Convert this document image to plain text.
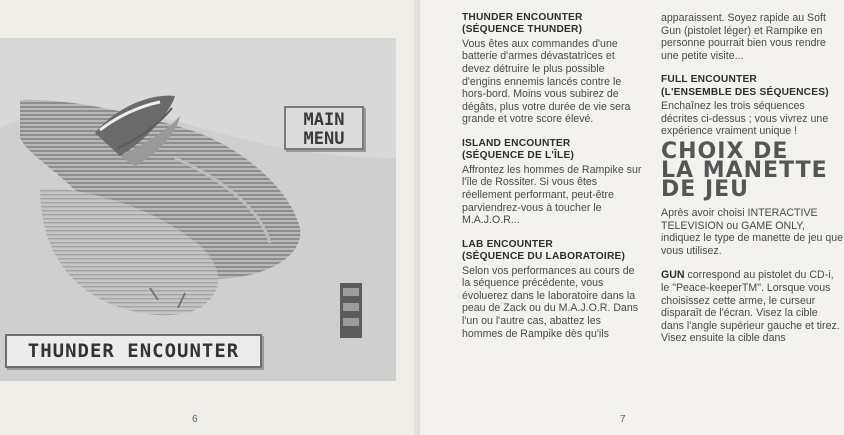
MAIN
MENU
THUNDER ENCOUNTER
6
THUNDER ENCOUNTER
(SÉQUENCE THUNDER)
Vous êtes aux commandes d'une batterie d'armes dévastatrices et devez détruire le plus possible d'engins ennemis lancés contre le hors-bord. Moins vous subirez de dégâts, plus votre durée de vie sera grande et votre score élevé.
ISLAND ENCOUNTER
(SÉQUENCE DE L'ÎLE)
Affrontez les hommes de Rampike sur l'île de Rossiter. Si vous êtes réellement performant, peut-être parviendrez-vous à toucher le M.A.J.O.R...
LAB ENCOUNTER
(SÉQUENCE DU LABORATOIRE)
Selon vos performances au cours de la séquence précédente, vous évoluerez dans le laboratoire dans la peau de Zack ou du M.A.J.O.R. Dans l'un ou l'autre cas, abattez les hommes de Rampike dès qu'ils
apparaissent. Soyez rapide au Soft Gun (pistolet léger) et Rampike en personne pourrait bien vous rendre une petite visite...
FULL ENCOUNTER
(L'ENSEMBLE DES SÉQUENCES)
Enchaînez les trois séquences décrites ci-dessus ; vous vivrez une expérience vraiment unique !
CHOIX DE
LA MANETTE
DE JEU
Après avoir choisi INTERACTIVE TELEVISION ou GAME ONLY, indiquez le type de manette de jeu que vous utilisez.
GUN correspond au pistolet du CD-i, le "Peace-keeperTM". Lorsque vous choisissez cette arme, le curseur disparaît de l'écran. Visez la cible dans l'angle supérieur gauche et tirez. Visez ensuite la cible dans
7
